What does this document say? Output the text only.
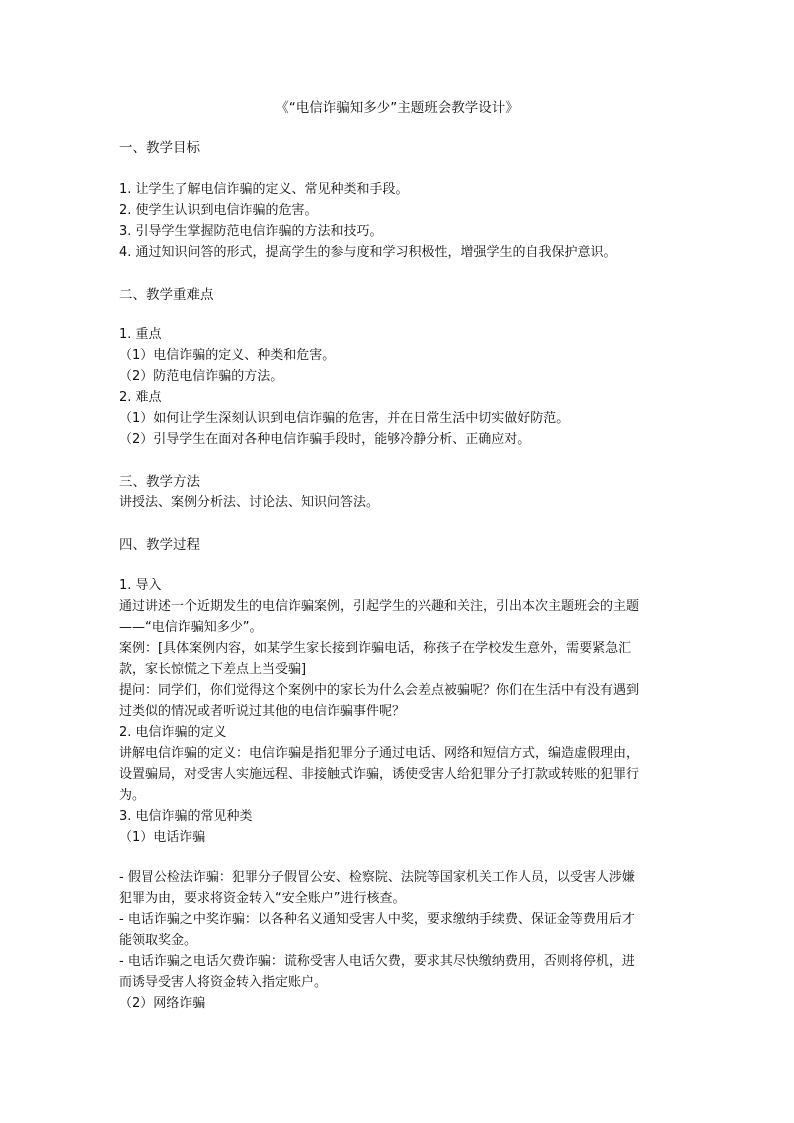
《“电信诈骗知多少”主题班会教学设计》
一、教学目标
1. 让学生了解电信诈骗的定义、常见种类和手段。
2. 使学生认识到电信诈骗的危害。
3. 引导学生掌握防范电信诈骗的方法和技巧。
4. 通过知识问答的形式，提高学生的参与度和学习积极性，增强学生的自我保护意识。
二、教学重难点
1. 重点
（1）电信诈骗的定义、种类和危害。
（2）防范电信诈骗的方法。
2. 难点
（1）如何让学生深刻认识到电信诈骗的危害，并在日常生活中切实做好防范。
（2）引导学生在面对各种电信诈骗手段时，能够冷静分析、正确应对。
三、教学方法
讲授法、案例分析法、讨论法、知识问答法。
四、教学过程
1. 导入
通过讲述一个近期发生的电信诈骗案例，引起学生的兴趣和关注，引出本次主题班会的主题
——“电信诈骗知多少”。
案例：[具体案例内容，如某学生家长接到诈骗电话，称孩子在学校发生意外，需要紧急汇
款，家长惊慌之下差点上当受骗]
提问：同学们，你们觉得这个案例中的家长为什么会差点被骗呢？你们在生活中有没有遇到
过类似的情况或者听说过其他的电信诈骗事件呢？
2. 电信诈骗的定义
讲解电信诈骗的定义：电信诈骗是指犯罪分子通过电话、网络和短信方式，编造虚假理由，
设置骗局，对受害人实施远程、非接触式诈骗，诱使受害人给犯罪分子打款或转账的犯罪行
为。
3. 电信诈骗的常见种类
（1）电话诈骗
- 假冒公检法诈骗：犯罪分子假冒公安、检察院、法院等国家机关工作人员，以受害人涉嫌
犯罪为由，要求将资金转入“安全账户”进行核查。
- 电话诈骗之中奖诈骗：以各种名义通知受害人中奖，要求缴纳手续费、保证金等费用后才
能领取奖金。
- 电话诈骗之电话欠费诈骗：谎称受害人电话欠费，要求其尽快缴纳费用，否则将停机，进
而诱导受害人将资金转入指定账户。
（2）网络诈骗
